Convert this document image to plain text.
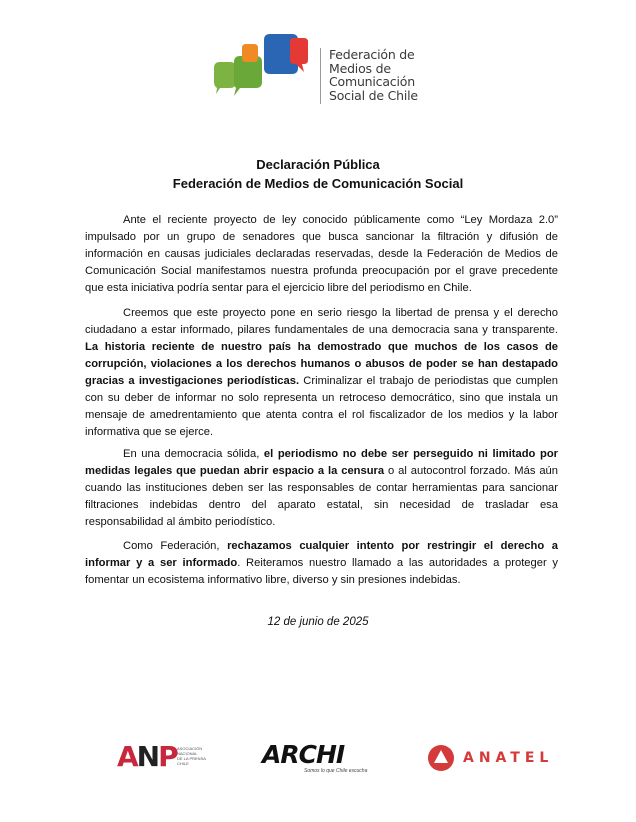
Federación de
Medios de
Comunicación
Social de Chile
Declaración Pública
Federación de Medios de Comunicación Social

Ante el reciente proyecto de ley conocido públicamente como “Ley Mordaza 2.0” impulsado por un grupo de senadores que busca sancionar la filtración y difusión de información en causas judiciales declaradas reservadas, desde la Federación de Medios de Comunicación Social manifestamos nuestra profunda preocupación por el grave precedente que esta iniciativa podría sentar para el ejercicio libre del periodismo en Chile.

Creemos que este proyecto pone en serio riesgo la libertad de prensa y el derecho ciudadano a estar informado, pilares fundamentales de una democracia sana y transparente. La historia reciente de nuestro país ha demostrado que muchos de los casos de corrupción, violaciones a los derechos humanos o abusos de poder se han destapado gracias a investigaciones periodísticas. Criminalizar el trabajo de periodistas que cumplen con su deber de informar no solo representa un retroceso democrático, sino que instala un mensaje de amedrentamiento que atenta contra el rol fiscalizador de los medios y la labor informativa que se ejerce.

En una democracia sólida, el periodismo no debe ser perseguido ni limitado por medidas legales que puedan abrir espacio a la censura o al autocontrol forzado. Más aún cuando las instituciones deben ser las responsables de contar herramientas para sancionar filtraciones indebidas dentro del aparato estatal, sin necesidad de trasladar esa responsabilidad al ámbito periodístico.

Como Federación, rechazamos cualquier intento por restringir el derecho a informar y a ser informado. Reiteramos nuestro llamado a las autoridades a proteger y fomentar un ecosistema informativo libre, diverso y sin presiones indebidas.

12 de junio de 2025
ANP ASOCIACIÓN
NACIONAL
DE LA PRENSA
CHILE	ARCHI
Somos lo que Chile escucha
ANATEL
